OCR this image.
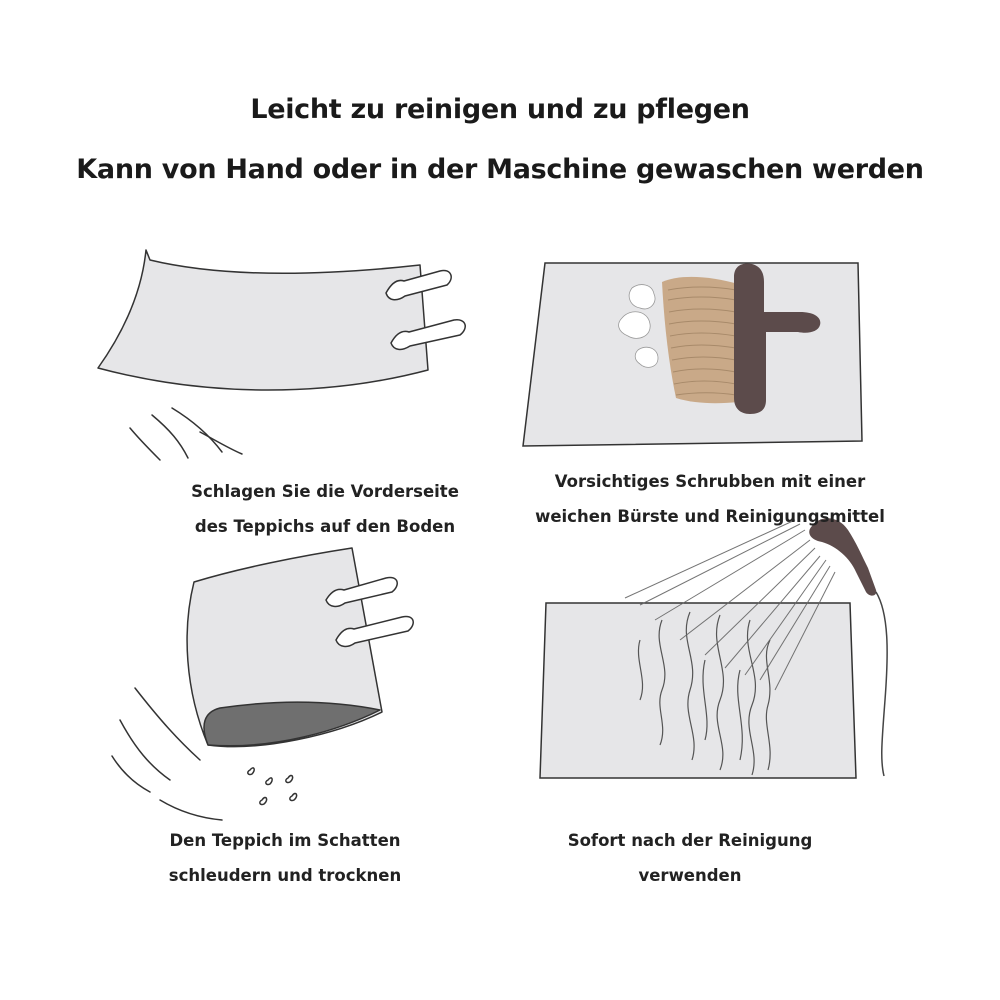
Leicht zu reinigen und zu pflegen
Kann von Hand oder in der Maschine gewaschen werden
Schlagen Sie die Vorderseite
des Teppichs auf den Boden
Vorsichtiges Schrubben mit einer
weichen Bürste und Reinigungsmittel
Den Teppich im Schatten
schleudern und trocknen
Sofort nach der Reinigung
verwenden
